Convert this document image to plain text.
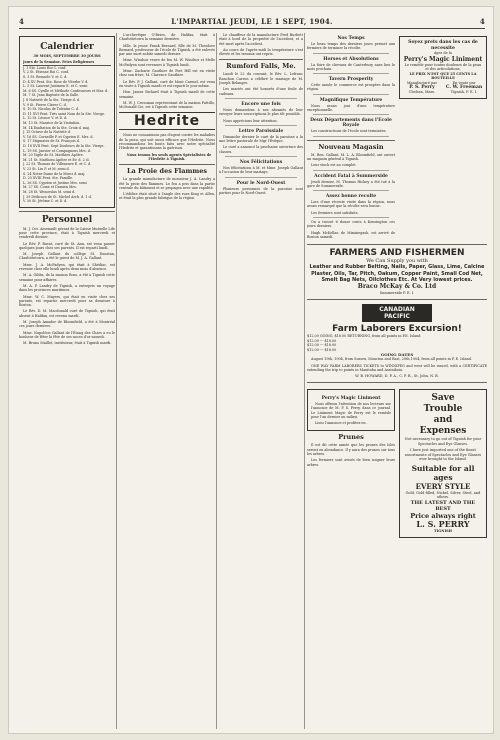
4	L'IMPARTIAL JEUDI, LE 1 SEPT, 1904.	4
Calendrier
30 MOIS, SEPTEMBRE 30 JOURS
Jours de la Semaine. Fetes Religieuses
J. 1 Ste. Louis Roi C. conf.
V. 2 St. Etienne Roi C. conf.
S. 3 St. Remacle V. et C. d.
D. 4 XV Pent. Ste. Rose de Viterbe V. d.
L. 5 St. Laurent Justinien E. et C. semi
M. 6 SS. Cyrille et Méthode Confesseurs et Mar. d.
M. 7 St. Jean Baptiste de la Salle.
J. 8 Nativité de la Ste. Vierge d. d.
V. 9 St. Pierre Claver C. d.
S. 10 St. Nicolas de Tolentin C. d.
D. 11 XVI Pent. Très saint Nom de la Ste. Vierge.
L. 12 St. Léonce V. et D. d.
M. 13 St. Maurice de la Visitation.
M. 14 Exaltation de la Ste. Croix d. maj.
J. 15 Octave de la Nativité d.
V. 16 SS. Corneille P. et Cyprien E. Mrs. d.
S. 17 Stigmates de St. François d.
D. 18 XVII Pent. Sept Douleurs de la Ste. Vierge.
L. 19 SS. Janvier et Compagnons Mrs. d.
M. 20 Vigile de St. Matthieu Apôtre.
M. 21 St. Matthieu Apôtre et Ev. d. 2 cl.
J. 22 St. Thomas de Villeneuve E. et C. d.
V. 23 St. Lin P. et M. semi d.
S. 24 Notre-Dame de la Merci d. maj.
D. 25 XVIII Pent. Ste. Famille.
L. 26 SS. Cyprien et Justine Mrs. semi
M. 27 SS. Come et Damien Mrs.
M. 28 St. Wenceslas M. semi d.
J. 29 Dédicace de St. Michel Arch. d. 1 cl.
V. 30 St. Jérôme C. et D. d.
Personnel

M. J. Oct. Arsenault gérant de la Caisse Mutuelle Life pour cette province, était à Tignish mercredi et vendredi dernier.

Le Rév. P. Ravat, curé de St. Ann, est venu passer quelques jours chez ses parents. Il est reparti lundi.

M. Joseph Gallant du collège St. Dunstan, Charlottetown, a été le guest de M. J. A. Gallant.

Mme. J. A. McFadyen, qui était à Shédiac, est revenue chez elle lundi après deux mois d'absence.

M. A. Gibbs, de la maison Ross, a été à Tignish cette semaine pour affaires.

M. A. P. Landry de Tignish, a entrepris un voyage dans les provinces maritimes.

Mme. W. C. Mayers, qui était en visite chez ses parents, est repartie mercredi pour sa demeure à Boston.

Le Rév. D. M. Macdonald curé de Tignish, qui était absent à Halifax, est revenu mardi.

M. Joseph Amador de Bloomfield, a été à Montréal ces jours derniers.

Mme. Napoléon Gallant de l'Étang des Chars a eu le bonheur de fêter la fête de ses noces d'or samedi.

M. Bruno Maillet, instituteur, était à Tignish mardi.

L'archevêque O'Brien, de Halifax, était à Charlottetown la semaine dernière.

Mlle. la jeune Frank Bernard, fille de M. Theodore Bernard, professeur de l'école de Tignish, a été enlevée par une mort subite samedi dernier.

Mme. Windsor veuve de feu M. W. Windsor et Melle McFadyen sont revenues à Tignish lundi.

Mme. Zacharie Gauthier de Port Hill est en visite chez son frère, M. Clarence Gauthier.

Le Rév. P. J. Gallant, curé de Mont Carmel, est venu en visite à Tignish mardi et est reparti le jour même.

Hon. James Richard était à Tignish mardi de cette semaine.

M. W. J. Crossman représentant de la maison Pattillo, McDonald Cie, est à Tignish cette semaine.

Hedrite

Nous ne connaissons pas d'agent contre les maladies de la peau, qui soit aussi efficace que l'Hedrite. Nous recommandons les bouts faits avec notre spécialité l'Hedrite et garantissons la guérison.

Nous tenons les seuls agents Spécialistes de l'Hedrite à Tignish.

La Proie des Flammes

La grande manufacture de monsieur J. A. Landry a été la proie des flammes. Le feu a pris dans la partie centrale du bâtiment et se propagea avec une rapidité.

L'édifice était situé à l'angle des rues King et Allen, et était la plus grande fabrique de la région.

Le chauffeur de la manufacture Fred Burbett était à bord de la propriété de l'accident, et a été mort après l'accident.

Au cours de l'après-midi la température s'est élevée et les travaux ont repris.

Rumford Falls, Me.

Lundi le 22 du courant, le Rév. L. Lefranc Ranchon Carron a célébré le mariage de M. Joseph Belanger.

Les mariés ont été honorés d'une foule de cadeaux.

Encore une fois

Nous demandons à nos abonnés de leur envoyer leurs souscriptions le plus tôt possible.

Nous apprécions leur attention.

Lettre Paroissiale

Dimanche dernier le curé de la paroisse a lu une lettre pastorale de Mgr l'Évêque.

Le curé a annoncé la prochaine ouverture des classes.

Nos Félicitations

Nos félicitations à M. et Mme. Joseph Gallant à l'occasion de leur mariage.

Pour le Nord-Ouest

Plusieurs personnes de la paroisse sont parties pour le Nord-Ouest.

Nos Temps

Le beau temps des derniers jours permet aux fermiers de terminer la récolte.

Horses et Absolutions

La foire de chevaux de Canterbury aura lieu le mois prochain.

Tavern Prosperity

Cette année le commerce est prospère dans la région.

Magnifique Température

Nous avons joui d'une température exceptionnelle.

Deux Départements dans l'Ecole Royale

Les constructions de l'école sont terminées.

Nouveau Magasin

M. Ben. Gallant, M. L. A. Bloomfield, ont ouvert un magasin général à Tignish.

Leur stock est au complet.

Accident Fatal à Summerside

Jeudi dernier, M. Thomas Hickey a été tué à la gare de Summerside.

Assez bonne recolte

Lors d'une récente visite dans la région, nous avons remarqué que la récolte sera bonne.

Les fermiers sont satisfaits.

On a trouvé 6 douze cents à Kensington ces jours derniers.

Hugh McKellar, de Miminegash, est arrivé de Boston samedi.

Soyez prets dans les cas de necessite
Ayez de la
Perry's Magic Liniment
Le remède pour toutes douleurs de la peau et des articulations.
LE PRIX N'EST QUE 25 CENTS LA BOUTEILLE
Manufacturé par
P. S. Perry
Chelsea, Mass.
En vente par
C. W. Freeman
Tignish, P. E. I.
FARMERS AND FISHERMEN
We Can Supply you with
Leather and Rubber Belting, Nails, Paper, Glass, Lime, Calcine Plaster, Oils, Tar, Pitch, Oakum, Copper Paint, Small Cod Net, Smelt Bag Nets, Oilclothes Etc. At Very lowest prices.
Braco McKay & Co. Ltd
Summerside P. E. I.
CANADIAN
PACIFIC
Farm Laborers Excursion!
$12.00 GOING, $18.00 RETURNING, from all points in P.E. Island
$12.00 --- $18.00
$12.00 --- $18.00
$12.00 --- $18.00
GOING DATES

August 19th, 1904, from Sussex, Moncton and East, 20th 1904, from all points in P. E. Island.

ONE WAY FARM LABORERS TICKETS to WINNIPEG and west will be issued, with a CERTIFICATE extending the trip to points in Manitoba and Assiniboia.

W. B. HOWARD, D. P. A., C. P. R., St. John, N. B.
Perry's Magic Liniment

Nous offrons l'attention de nos lecteurs sur l'annonce de M. P. S. Perry, dans ce journal. Le Liniment Magic de Perry est le remède pour l'an dernier au milieu.

Lisez l'annonce et profitez-en.

Prunes

Il est dit cette année que les prunes des Isles seront en abondance. Il y aura des prunes sur tous les arbres.

Les fermiers sont avisés de bien soigner leurs arbres.

Save
Trouble
and
Expenses

Not necessary to go out of Tignish for your Spectacles and Eye Glasses.

I have just imported one of the finest assortments of Spectacles and Eye Glasses ever brought to the Island.

Suitable for all ages
EVERY STYLE
Gold, Gold filled, Nickel, Silver, Steel, and others.
THE LATEST AND THE BEST
Price always right
L. S. PERRY
TIGNISH
